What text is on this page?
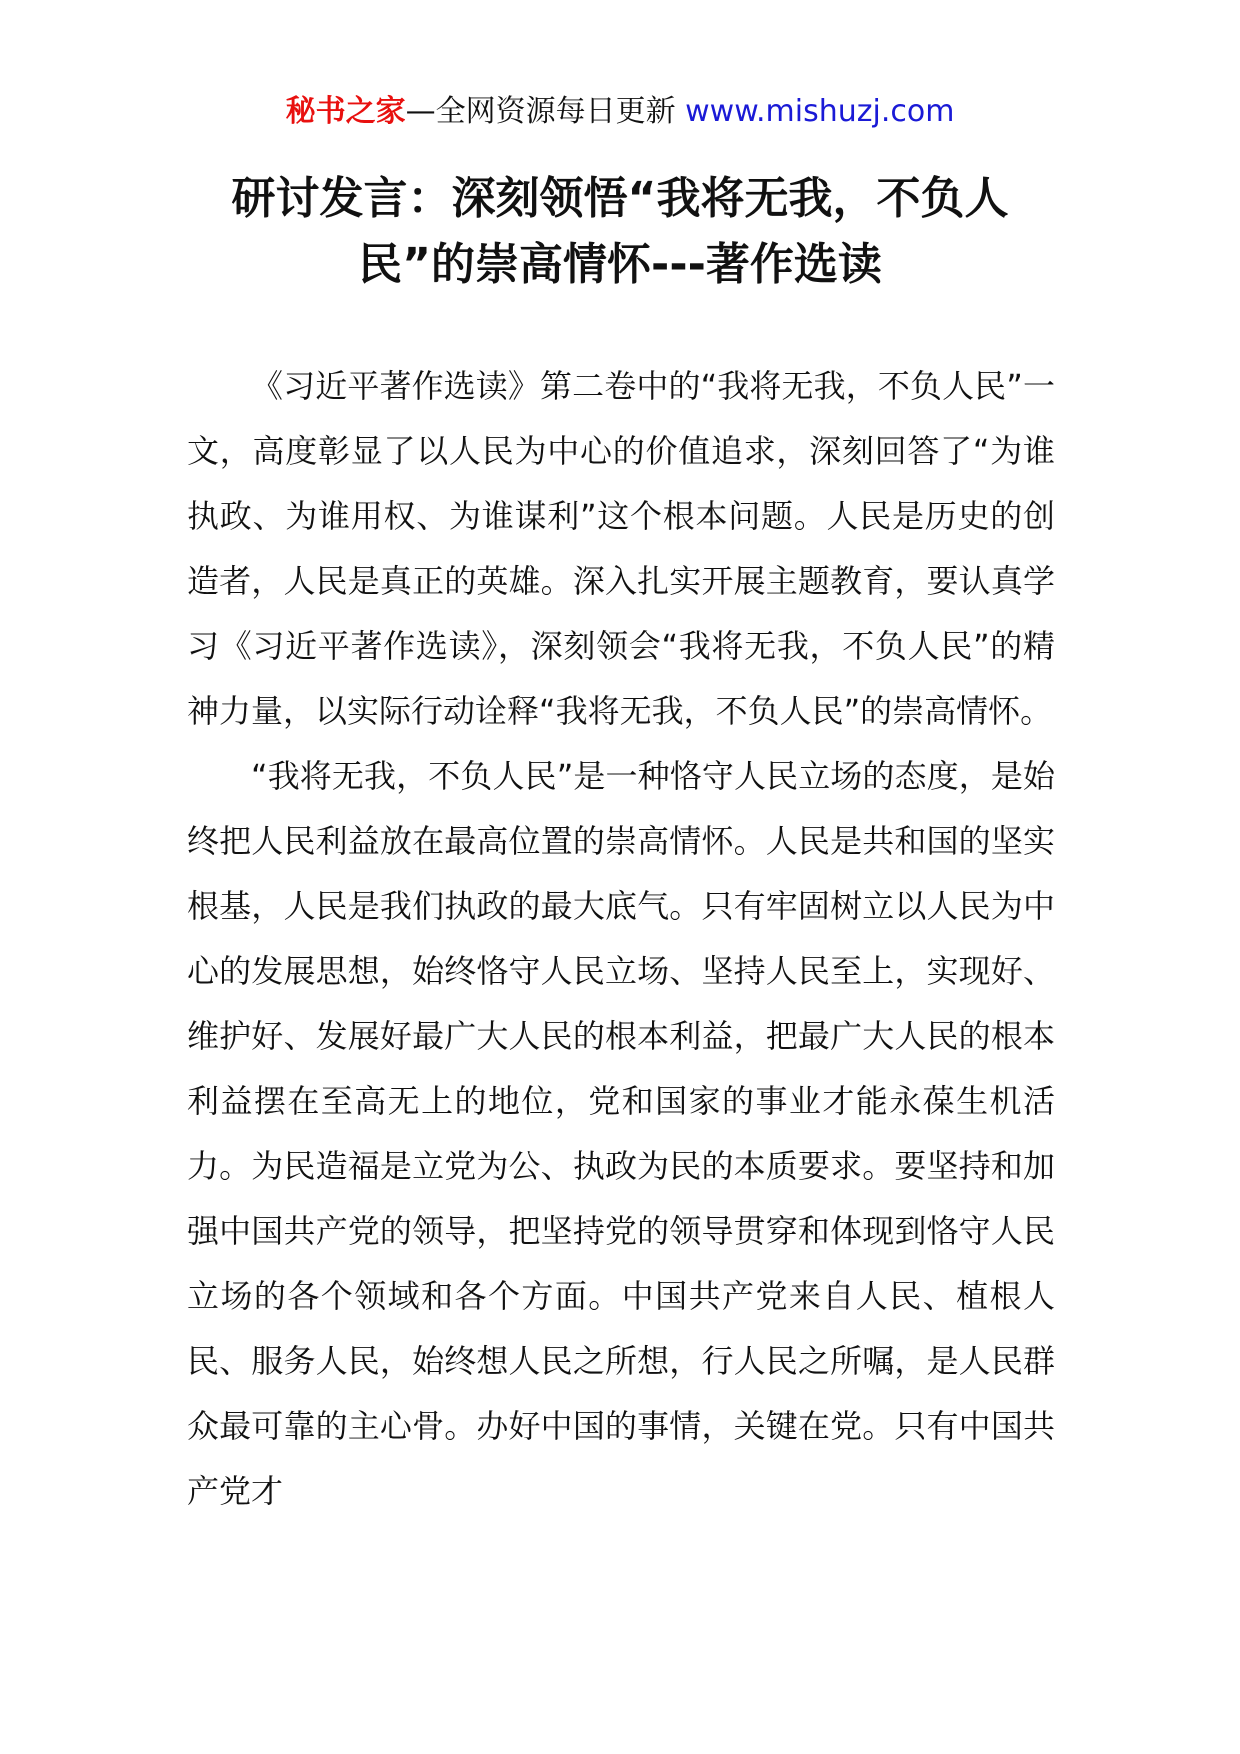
秘书之家—全网资源每日更新 www.mishuzj.com
研讨发言：深刻领悟“我将无我，不负人民”的崇高情怀---著作选读

《习近平著作选读》第二卷中的“我将无我，不负人民”一文，高度彰显了以人民为中心的价值追求，深刻回答了“为谁执政、为谁用权、为谁谋利”这个根本问题。人民是历史的创造者，人民是真正的英雄。深入扎实开展主题教育，要认真学习《习近平著作选读》，深刻领会“我将无我，不负人民”的精神力量，以实际行动诠释“我将无我，不负人民”的崇高情怀。

“我将无我，不负人民”是一种恪守人民立场的态度，是始终把人民利益放在最高位置的崇高情怀。人民是共和国的坚实根基，人民是我们执政的最大底气。只有牢固树立以人民为中心的发展思想，始终恪守人民立场、坚持人民至上，实现好、维护好、发展好最广大人民的根本利益，把最广大人民的根本利益摆在至高无上的地位，党和国家的事业才能永葆生机活力。为民造福是立党为公、执政为民的本质要求。要坚持和加强中国共产党的领导，把坚持党的领导贯穿和体现到恪守人民立场的各个领域和各个方面。中国共产党来自人民、植根人民、服务人民，始终想人民之所想，行人民之所嘱，是人民群众最可靠的主心骨。办好中国的事情，关键在党。只有中国共产党才
